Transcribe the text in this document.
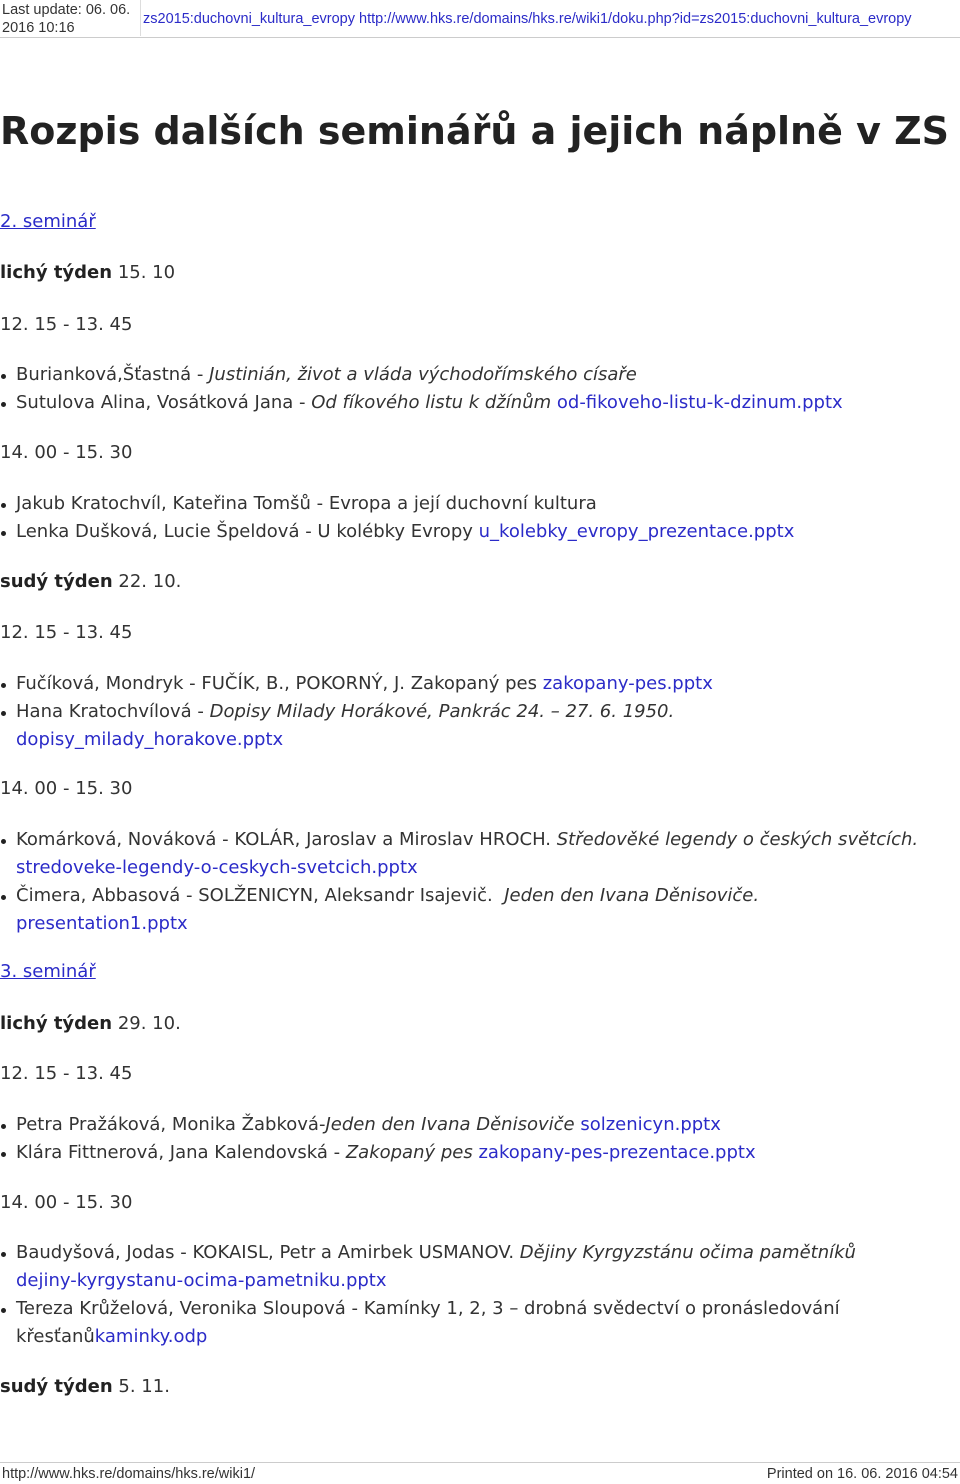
Last update: 06. 06. 2016 10:16
zs2015:duchovni_kultura_evropy http://www.hks.re/domains/hks.re/wiki1/doku.php?id=zs2015:duchovni_kultura_evropy
Rozpis dalších seminářů a jejich náplně v ZS
2. seminář
lichý týden 15. 10
12. 15 - 13. 45
Burianková,Šťastná - Justinián, život a vláda východořímského císaře
Sutulova Alina, Vosátková Jana - Od fíkového listu k džínům od-fikoveho-listu-k-dzinum.pptx
14. 00 - 15. 30
Jakub Kratochvíl, Kateřina Tomšů - Evropa a její duchovní kultura
Lenka Dušková, Lucie Špeldová - U kolébky Evropy u_kolebky_evropy_prezentace.pptx
sudý týden 22. 10.
12. 15 - 13. 45
Fučíková, Mondryk - FUČÍK, B., POKORNÝ, J. Zakopaný pes zakopany-pes.pptx
Hana Kratochvílová - Dopisy Milady Horákové, Pankrác 24. – 27. 6. 1950.
dopisy_milady_horakove.pptx
14. 00 - 15. 30
Komárková, Nováková - KOLÁR, Jaroslav a Miroslav HROCH. Středověké legendy o českých světcích.
stredoveke-legendy-o-ceskych-svetcich.pptx
Čimera, Abbasová - SOLŽENICYN, Aleksandr Isajevič.  Jeden den Ivana Děnisoviče.
presentation1.pptx
3. seminář
lichý týden 29. 10.
12. 15 - 13. 45
Petra Pražáková, Monika Žabková-Jeden den Ivana Děnisoviče solzenicyn.pptx
Klára Fittnerová, Jana Kalendovská - Zakopaný pes zakopany-pes-prezentace.pptx
14. 00 - 15. 30
Baudyšová, Jodas - KOKAISL, Petr a Amirbek USMANOV. Dějiny Kyrgyzstánu očima pamětníků
dejiny-kyrgystanu-ocima-pametniku.pptx
Tereza Krůželová, Veronika Sloupová - Kamínky 1, 2, 3 – drobná svědectví o pronásledování
křesťanůkaminky.odp
sudý týden 5. 11.
http://www.hks.re/domains/hks.re/wiki1/	Printed on 16. 06. 2016 04:54
